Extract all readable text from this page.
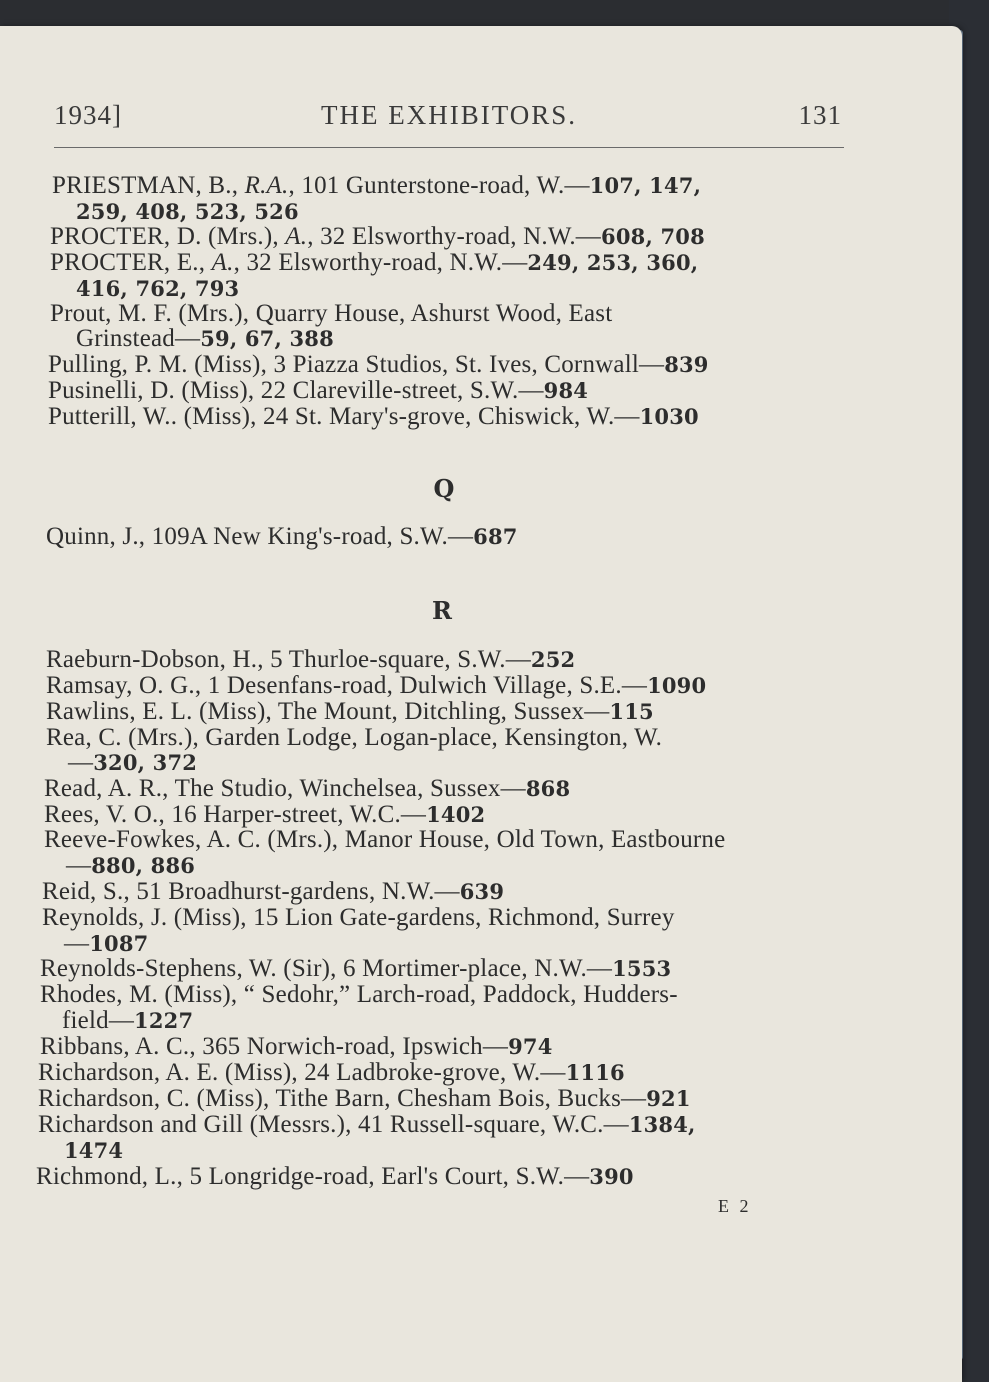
1934]	THE EXHIBITORS.	131
PRIESTMAN, B., R.A., 101 Gunterstone-road, W.—107, 147,
259, 408, 523, 526
PROCTER, D. (Mrs.), A., 32 Elsworthy-road, N.W.—608, 708
PROCTER, E., A., 32 Elsworthy-road, N.W.—249, 253, 360,
416, 762, 793
Prout, M. F. (Mrs.), Quarry House, Ashurst Wood, East
Grinstead—59, 67, 388
Pulling, P. M. (Miss), 3 Piazza Studios, St. Ives, Cornwall—839
Pusinelli, D. (Miss), 22 Clareville-street, S.W.—984
Putterill, W.. (Miss), 24 St. Mary's-grove, Chiswick, W.—1030
Q
Quinn, J., 109A New King's-road, S.W.—687
R
Raeburn-Dobson, H., 5 Thurloe-square, S.W.—252
Ramsay, O. G., 1 Desenfans-road, Dulwich Village, S.E.—1090
Rawlins, E. L. (Miss), The Mount, Ditchling, Sussex—115
Rea, C. (Mrs.), Garden Lodge, Logan-place, Kensington, W.
—320, 372
Read, A. R., The Studio, Winchelsea, Sussex—868
Rees, V. O., 16 Harper-street, W.C.—1402
Reeve-Fowkes, A. C. (Mrs.), Manor House, Old Town, Eastbourne
—880, 886
Reid, S., 51 Broadhurst-gardens, N.W.—639
Reynolds, J. (Miss), 15 Lion Gate-gardens, Richmond, Surrey
—1087
Reynolds-Stephens, W. (Sir), 6 Mortimer-place, N.W.—1553
Rhodes, M. (Miss), “ Sedohr,” Larch-road, Paddock, Hudders-
field—1227
Ribbans, A. C., 365 Norwich-road, Ipswich—974
Richardson, A. E. (Miss), 24 Ladbroke-grove, W.—1116
Richardson, C. (Miss), Tithe Barn, Chesham Bois, Bucks—921
Richardson and Gill (Messrs.), 41 Russell-square, W.C.—1384,
1474
Richmond, L., 5 Longridge-road, Earl's Court, S.W.—390
E 2
